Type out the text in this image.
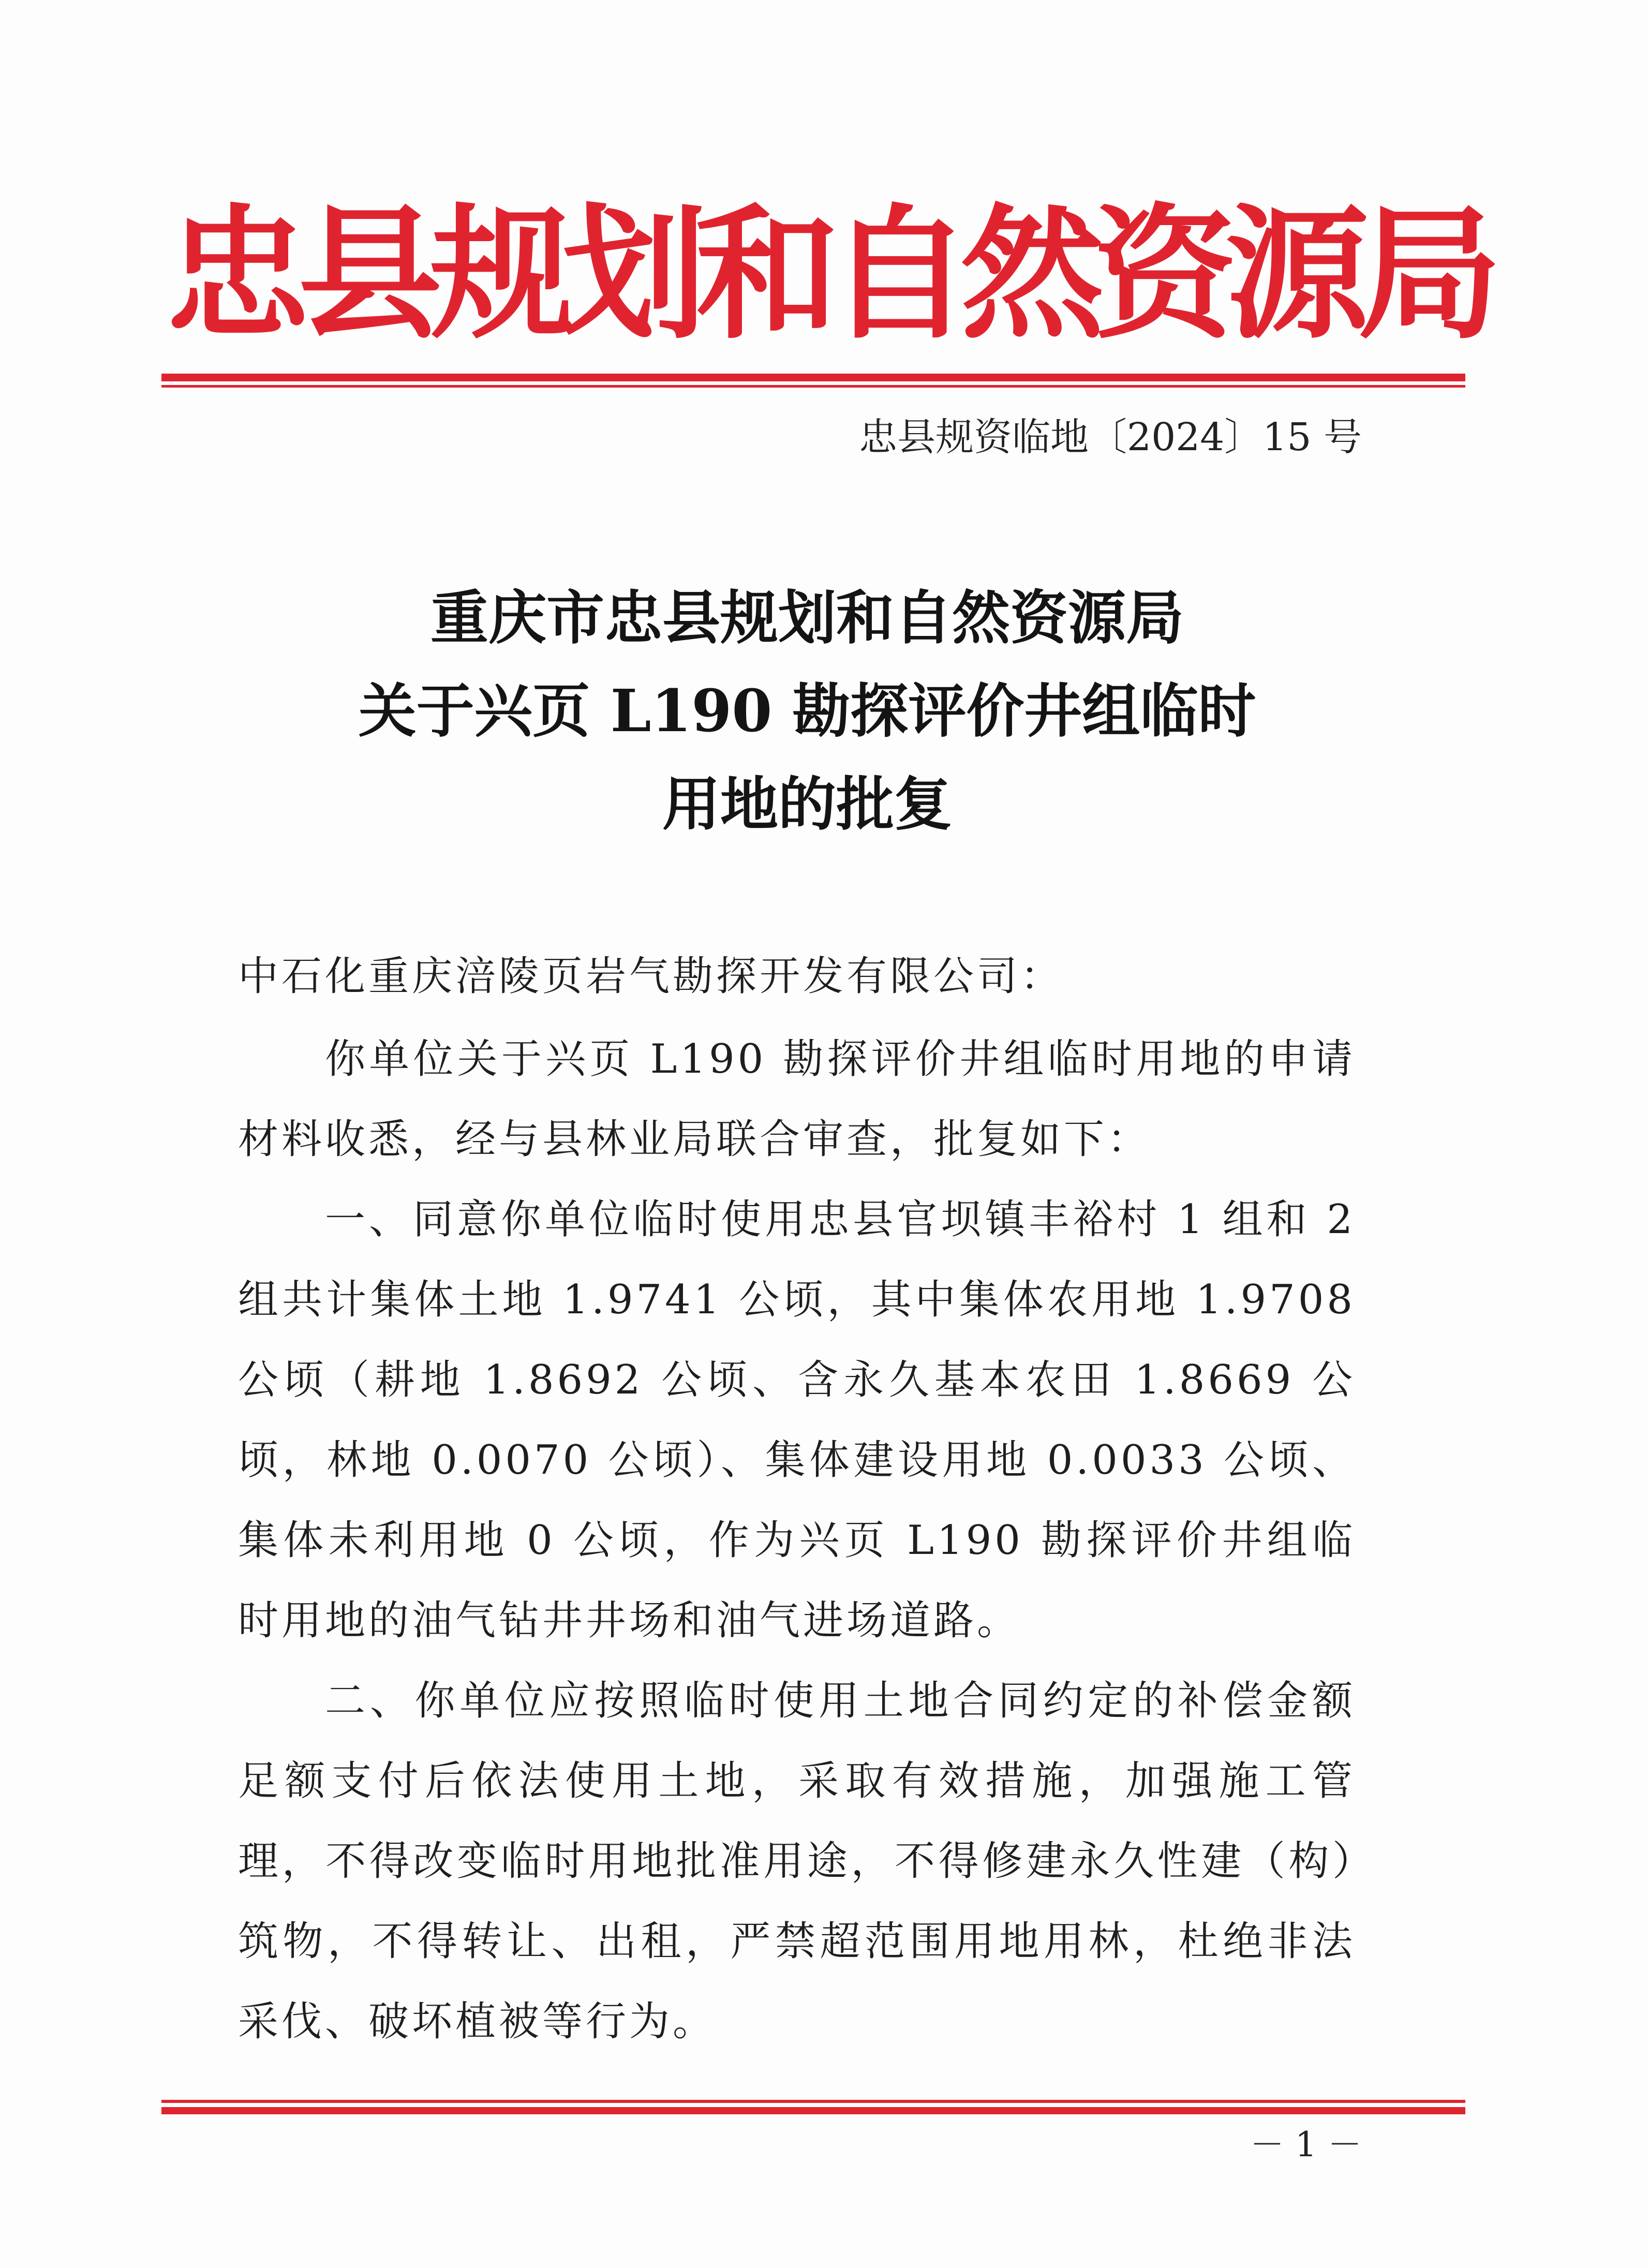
忠县规划和自然资源局
忠县规资临地〔2024〕15 号
重庆市忠县规划和自然资源局
关于兴页 L190 勘探评价井组临时
用地的批复

中石化重庆涪陵页岩气勘探开发有限公司：

你单位关于兴页 L190 勘探评价井组临时用地的申请材料收悉，经与县林业局联合审查，批复如下：

一、同意你单位临时使用忠县官坝镇丰裕村 1 组和 2 组共计集体土地 1.9741 公顷，其中集体农用地 1.9708 公顷（耕地 1.8692 公顷、含永久基本农田 1.8669 公顷，林地 0.0070 公顷）、集体建设用地 0.0033 公顷、集体未利用地 0 公顷，作为兴页 L190 勘探评价井组临时用地的油气钻井井场和油气进场道路。

二、你单位应按照临时使用土地合同约定的补偿金额足额支付后依法使用土地，采取有效措施，加强施工管理，不得改变临时用地批准用途，不得修建永久性建（构）筑物，不得转让、出租，严禁超范围用地用林，杜绝非法采伐、破坏植被等行为。

－ 1 －
